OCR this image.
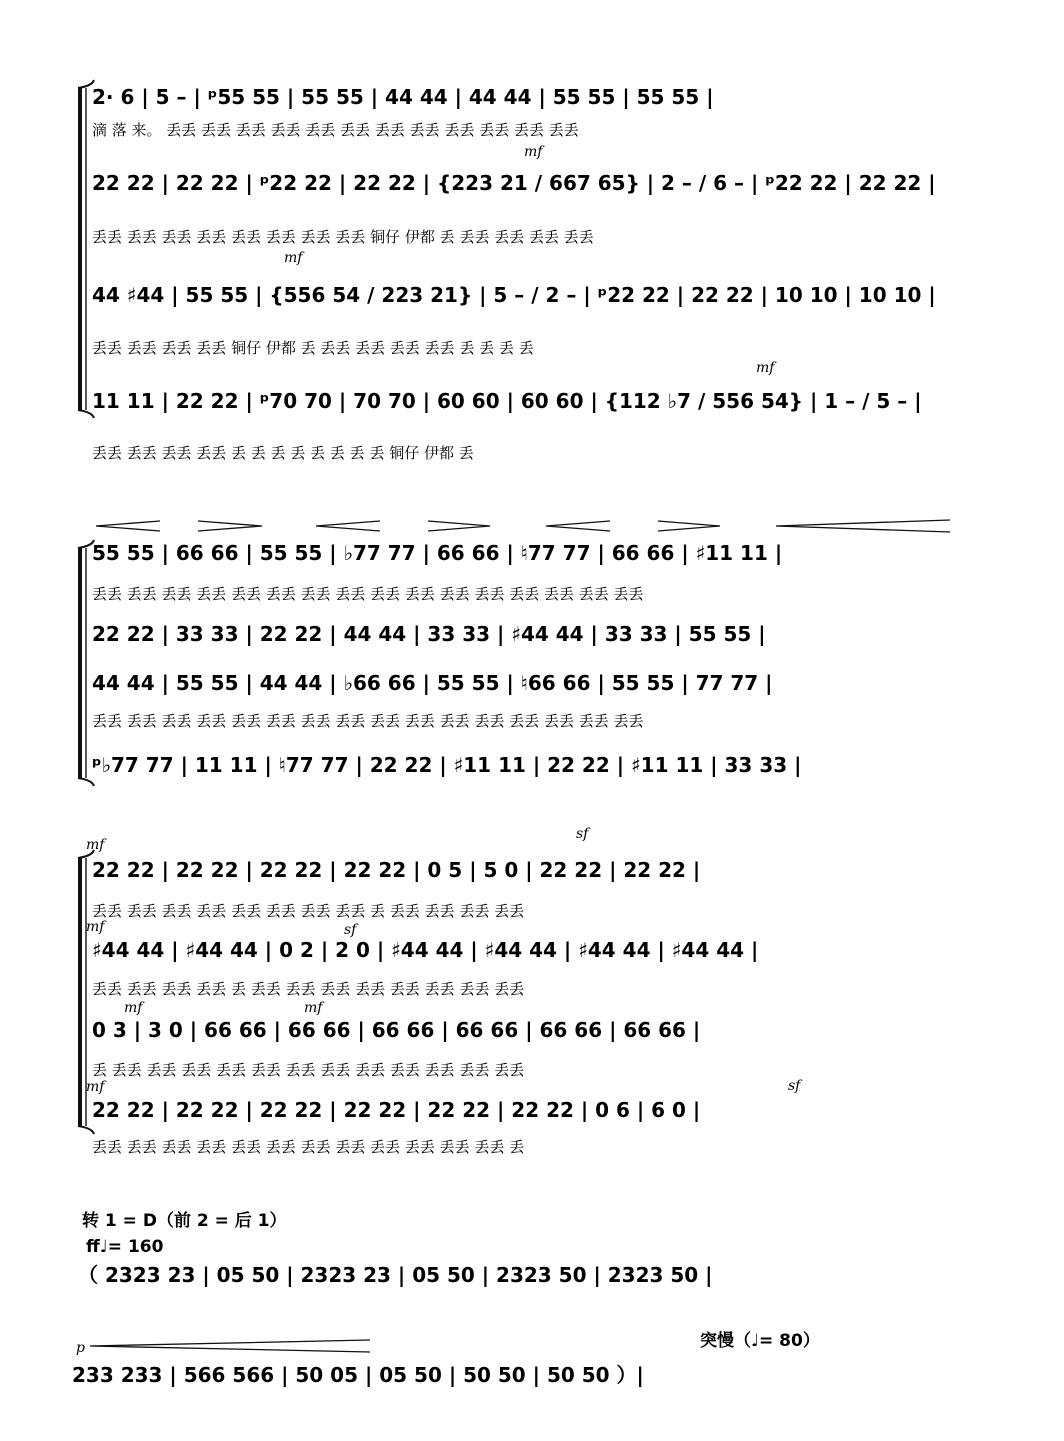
2· 6 | 5 – | ᵖ55 55 | 55 55 | 44 44 | 44 44 | 55 55 | 55 55 |
滴 落 来。 丢丢 丢丢 丢丢 丢丢 丢丢 丢丢 丢丢 丢丢 丢丢 丢丢 丢丢 丢丢
22 22 | 22 22 | ᵖ22 22 | 22 22 | {223 21 / 667 65} | 2 – / 6 – | ᵖ22 22 | 22 22 |
丢丢 丢丢 丢丢 丢丢 丢丢 丢丢 丢丢 丢丢 铜仔 伊都 丢 丢丢 丢丢 丢丢 丢丢
44 ♯44 | 55 55 | {556 54 / 223 21} | 5 – / 2 – | ᵖ22 22 | 22 22 | 10 10 | 10 10 |
丢丢 丢丢 丢丢 丢丢 铜仔 伊都 丢 丢丢 丢丢 丢丢 丢丢 丢 丢 丢 丢
11 11 | 22 22 | ᵖ70 70 | 70 70 | 60 60 | 60 60 | {112 ♭7 / 556 54} | 1 – / 5 – |
丢丢 丢丢 丢丢 丢丢 丢 丢 丢 丢 丢 丢 丢 丢 铜仔 伊都 丢
mf
mf
mf
55 55 | 66 66 | 55 55 | ♭77 77 | 66 66 | ♮77 77 | 66 66 | ♯11 11 |
丢丢 丢丢 丢丢 丢丢 丢丢 丢丢 丢丢 丢丢 丢丢 丢丢 丢丢 丢丢 丢丢 丢丢 丢丢 丢丢
22 22 | 33 33 | 22 22 | 44 44 | 33 33 | ♯44 44 | 33 33 | 55 55 |
44 44 | 55 55 | 44 44 | ♭66 66 | 55 55 | ♮66 66 | 55 55 | 77 77 |
丢丢 丢丢 丢丢 丢丢 丢丢 丢丢 丢丢 丢丢 丢丢 丢丢 丢丢 丢丢 丢丢 丢丢 丢丢 丢丢
ᵖ♭77 77 | 11 11 | ♮77 77 | 22 22 | ♯11 11 | 22 22 | ♯11 11 | 33 33 |
mf
22 22 | 22 22 | 22 22 | 22 22 | 0 5 | 5 0 | 22 22 | 22 22 |
丢丢 丢丢 丢丢 丢丢 丢丢 丢丢 丢丢 丢丢 丢 丢丢 丢丢 丢丢 丢丢
sf
mf
♯44 44 | ♯44 44 | 0 2 | 2 0 | ♯44 44 | ♯44 44 | ♯44 44 | ♯44 44 |
丢丢 丢丢 丢丢 丢丢 丢 丢丢 丢丢 丢丢 丢丢 丢丢 丢丢 丢丢 丢丢
sf
mf	mf
0 3 | 3 0 | 66 66 | 66 66 | 66 66 | 66 66 | 66 66 | 66 66 |
丢 丢丢 丢丢 丢丢 丢丢 丢丢 丢丢 丢丢 丢丢 丢丢 丢丢 丢丢 丢丢
mf
22 22 | 22 22 | 22 22 | 22 22 | 22 22 | 22 22 | 0 6 | 6 0 |
丢丢 丢丢 丢丢 丢丢 丢丢 丢丢 丢丢 丢丢 丢丢 丢丢 丢丢 丢丢 丢
sf
转 1 = D（前 2 = 后 1）
ff♩= 160
（ 2323 23 | 05 50 | 2323 23 | 05 50 | 2323 50 | 2323 50 |
p	突慢（♩= 80）
233 233 | 566 566 | 50 05 | 05 50 | 50 50 | 50 50 ）|
